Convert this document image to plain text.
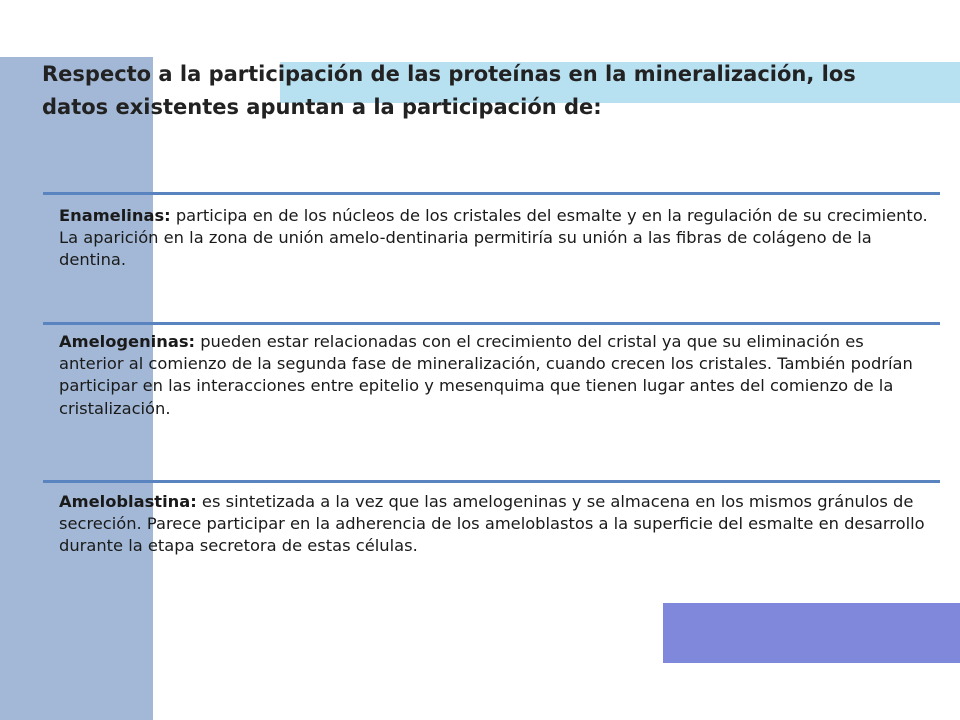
Respecto a la participación de las proteínas en la mineralización, los datos existentes apuntan a la participación de:

Enamelinas: participa en de los núcleos de los cristales del esmalte y en la regulación de su crecimiento. La aparición en la zona de unión amelo-dentinaria permitiría su unión a las fibras de colágeno de la dentina.

Amelogeninas: pueden estar relacionadas con el crecimiento del cristal ya que su eliminación es anterior al comienzo de la segunda fase de mineralización, cuando crecen los cristales. También podrían participar en las interacciones entre epitelio y mesenquima que tienen lugar antes del comienzo de la cristalización.

Ameloblastina: es sintetizada a la vez que las amelogeninas y se almacena en los mismos gránulos de secreción. Parece participar en la adherencia de los ameloblastos a la superficie del esmalte en desarrollo durante la etapa secretora de estas células.
